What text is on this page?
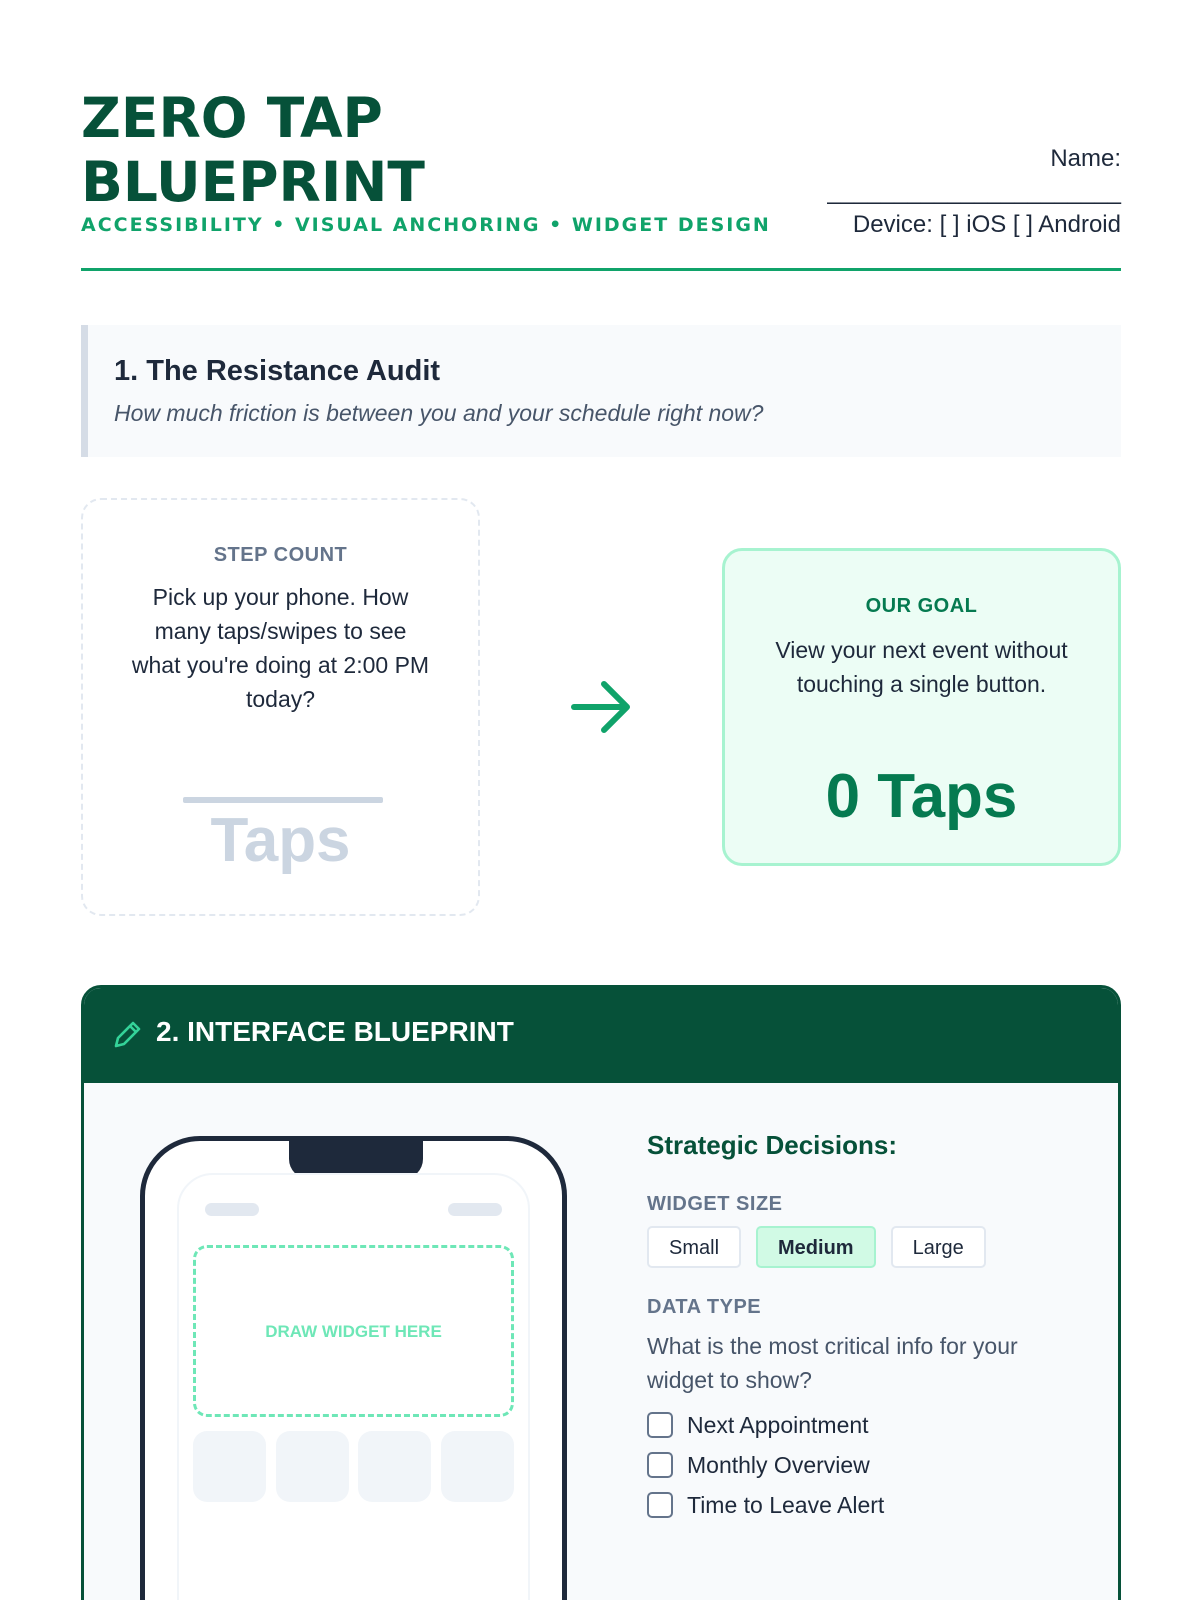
ZERO TAP
BLUEPRINT
ACCESSIBILITY • VISUAL ANCHORING • WIDGET DESIGN
Name:
______________________
Device: [ ] iOS [ ] Android
1. The Resistance Audit
How much friction is between you and your schedule right now?
STEP COUNT
Pick up your phone. How many taps/swipes to see what you're doing at 2:00 PM today?
Taps
OUR GOAL
View your next event without touching a single button.
0 Taps
2. INTERFACE BLUEPRINT
DRAW WIDGET HERE
Strategic Decisions:
WIDGET SIZE
Small	Medium	Large
DATA TYPE
What is the most critical info for your widget to show?
Next Appointment
Monthly Overview
Time to Leave Alert
